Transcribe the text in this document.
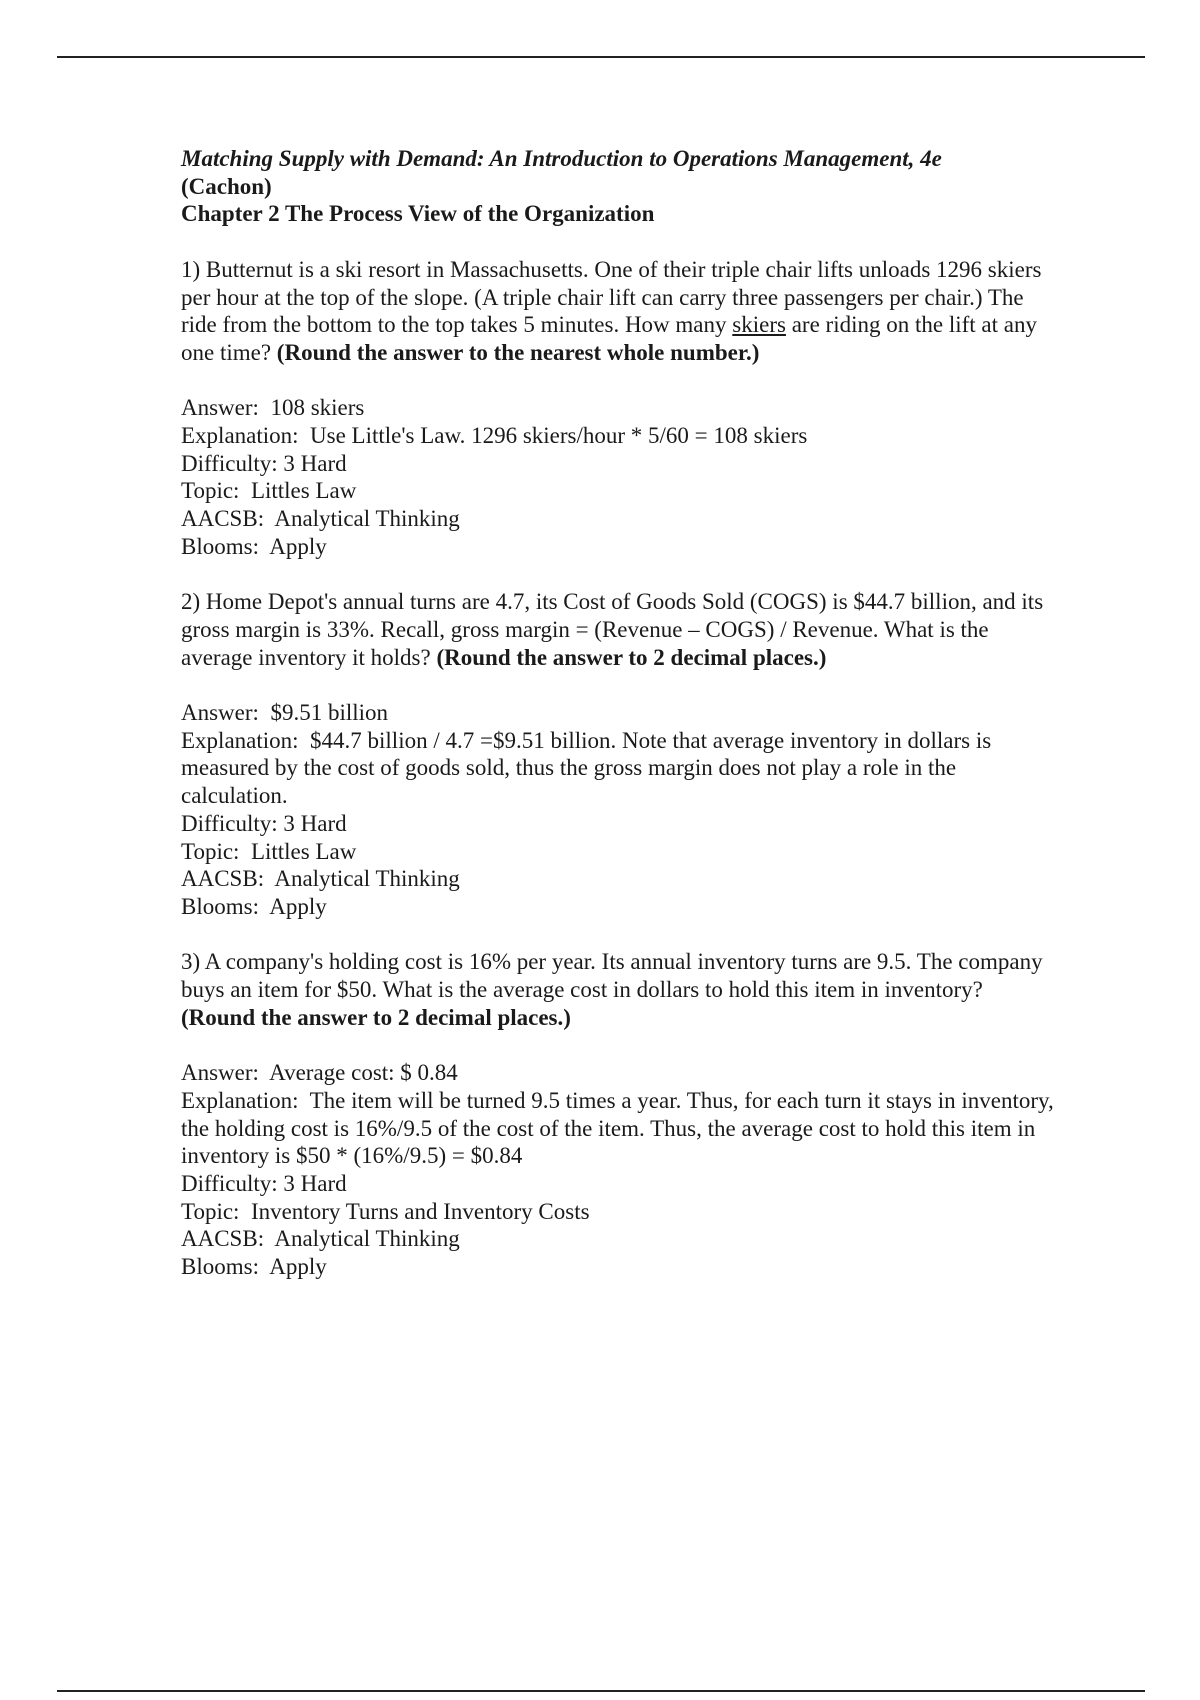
Matching Supply with Demand: An Introduction to Operations Management, 4e
(Cachon)
Chapter 2 The Process View of the Organization

1) Butternut is a ski resort in Massachusetts. One of their triple chair lifts unloads 1296 skiers per hour at the top of the slope. (A triple chair lift can carry three passengers per chair.) The ride from the bottom to the top takes 5 minutes. How many skiers are riding on the lift at any one time? (Round the answer to the nearest whole number.)

Answer: 108 skiers

Explanation: Use Little's Law. 1296 skiers/hour * 5/60 = 108 skiers

Difficulty: 3 Hard

Topic: Littles Law

AACSB: Analytical Thinking

Blooms: Apply

2) Home Depot's annual turns are 4.7, its Cost of Goods Sold (COGS) is $44.7 billion, and its gross margin is 33%. Recall, gross margin = (Revenue – COGS) / Revenue. What is the average inventory it holds? (Round the answer to 2 decimal places.)

Answer: $9.51 billion

Explanation: $44.7 billion / 4.7 =$9.51 billion. Note that average inventory in dollars is measured by the cost of goods sold, thus the gross margin does not play a role in the calculation.

Difficulty: 3 Hard

Topic: Littles Law

AACSB: Analytical Thinking

Blooms: Apply

3) A company's holding cost is 16% per year. Its annual inventory turns are 9.5. The company buys an item for $50. What is the average cost in dollars to hold this item in inventory? (Round the answer to 2 decimal places.)

Answer: Average cost: $ 0.84

Explanation: The item will be turned 9.5 times a year. Thus, for each turn it stays in inventory, the holding cost is 16%/9.5 of the cost of the item. Thus, the average cost to hold this item in inventory is $50 * (16%/9.5) = $0.84

Difficulty: 3 Hard

Topic: Inventory Turns and Inventory Costs

AACSB: Analytical Thinking

Blooms: Apply
